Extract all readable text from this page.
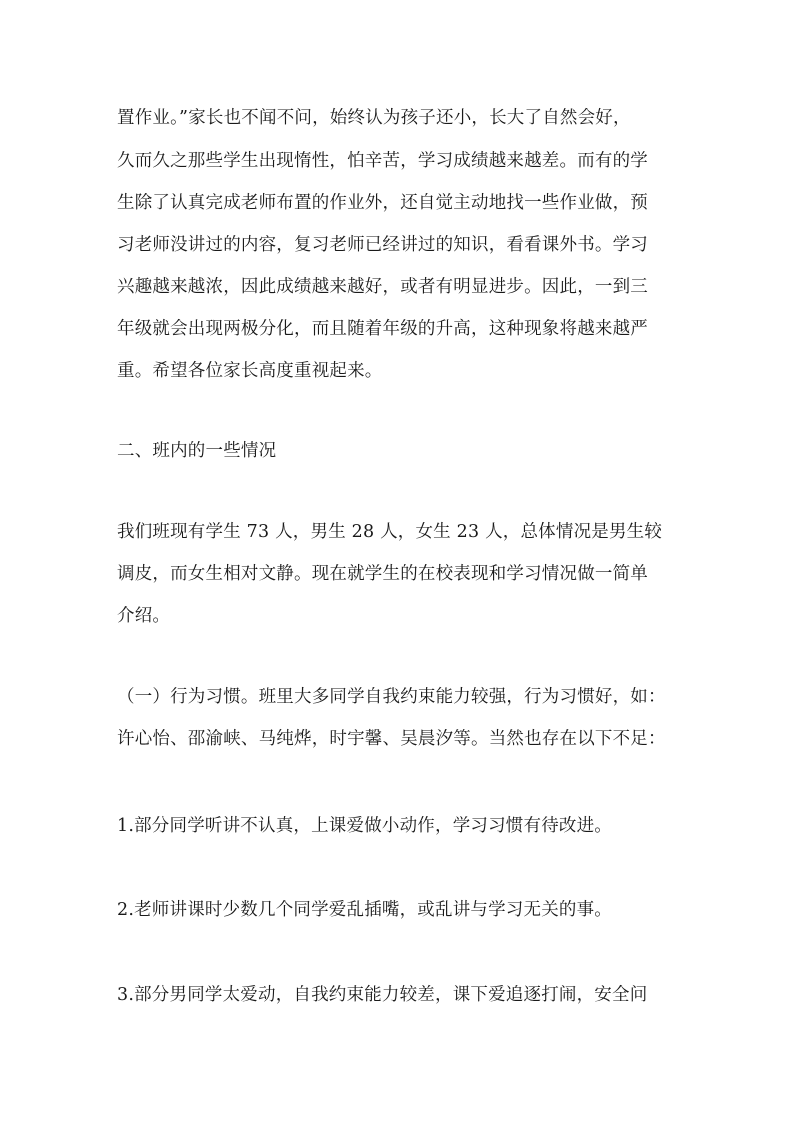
置作业。”家长也不闻不问，始终认为孩子还小，长大了自然会好，
久而久之那些学生出现惰性，怕辛苦，学习成绩越来越差。而有的学
生除了认真完成老师布置的作业外，还自觉主动地找一些作业做，预
习老师没讲过的内容，复习老师已经讲过的知识，看看课外书。学习
兴趣越来越浓，因此成绩越来越好，或者有明显进步。因此，一到三
年级就会出现两极分化，而且随着年级的升高，这种现象将越来越严
重。希望各位家长高度重视起来。
二、班内的一些情况
我们班现有学生 73 人，男生 28 人，女生 23 人，总体情况是男生较
调皮，而女生相对文静。现在就学生的在校表现和学习情况做一简单
介绍。
（一）行为习惯。班里大多同学自我约束能力较强，行为习惯好，如：
许心怡、邵渝峡、马纯烨，时宇馨、吴晨汐等。当然也存在以下不足：
1.部分同学听讲不认真，上课爱做小动作，学习习惯有待改进。
2.老师讲课时少数几个同学爱乱插嘴，或乱讲与学习无关的事。
3.部分男同学太爱动，自我约束能力较差，课下爱追逐打闹，安全问
